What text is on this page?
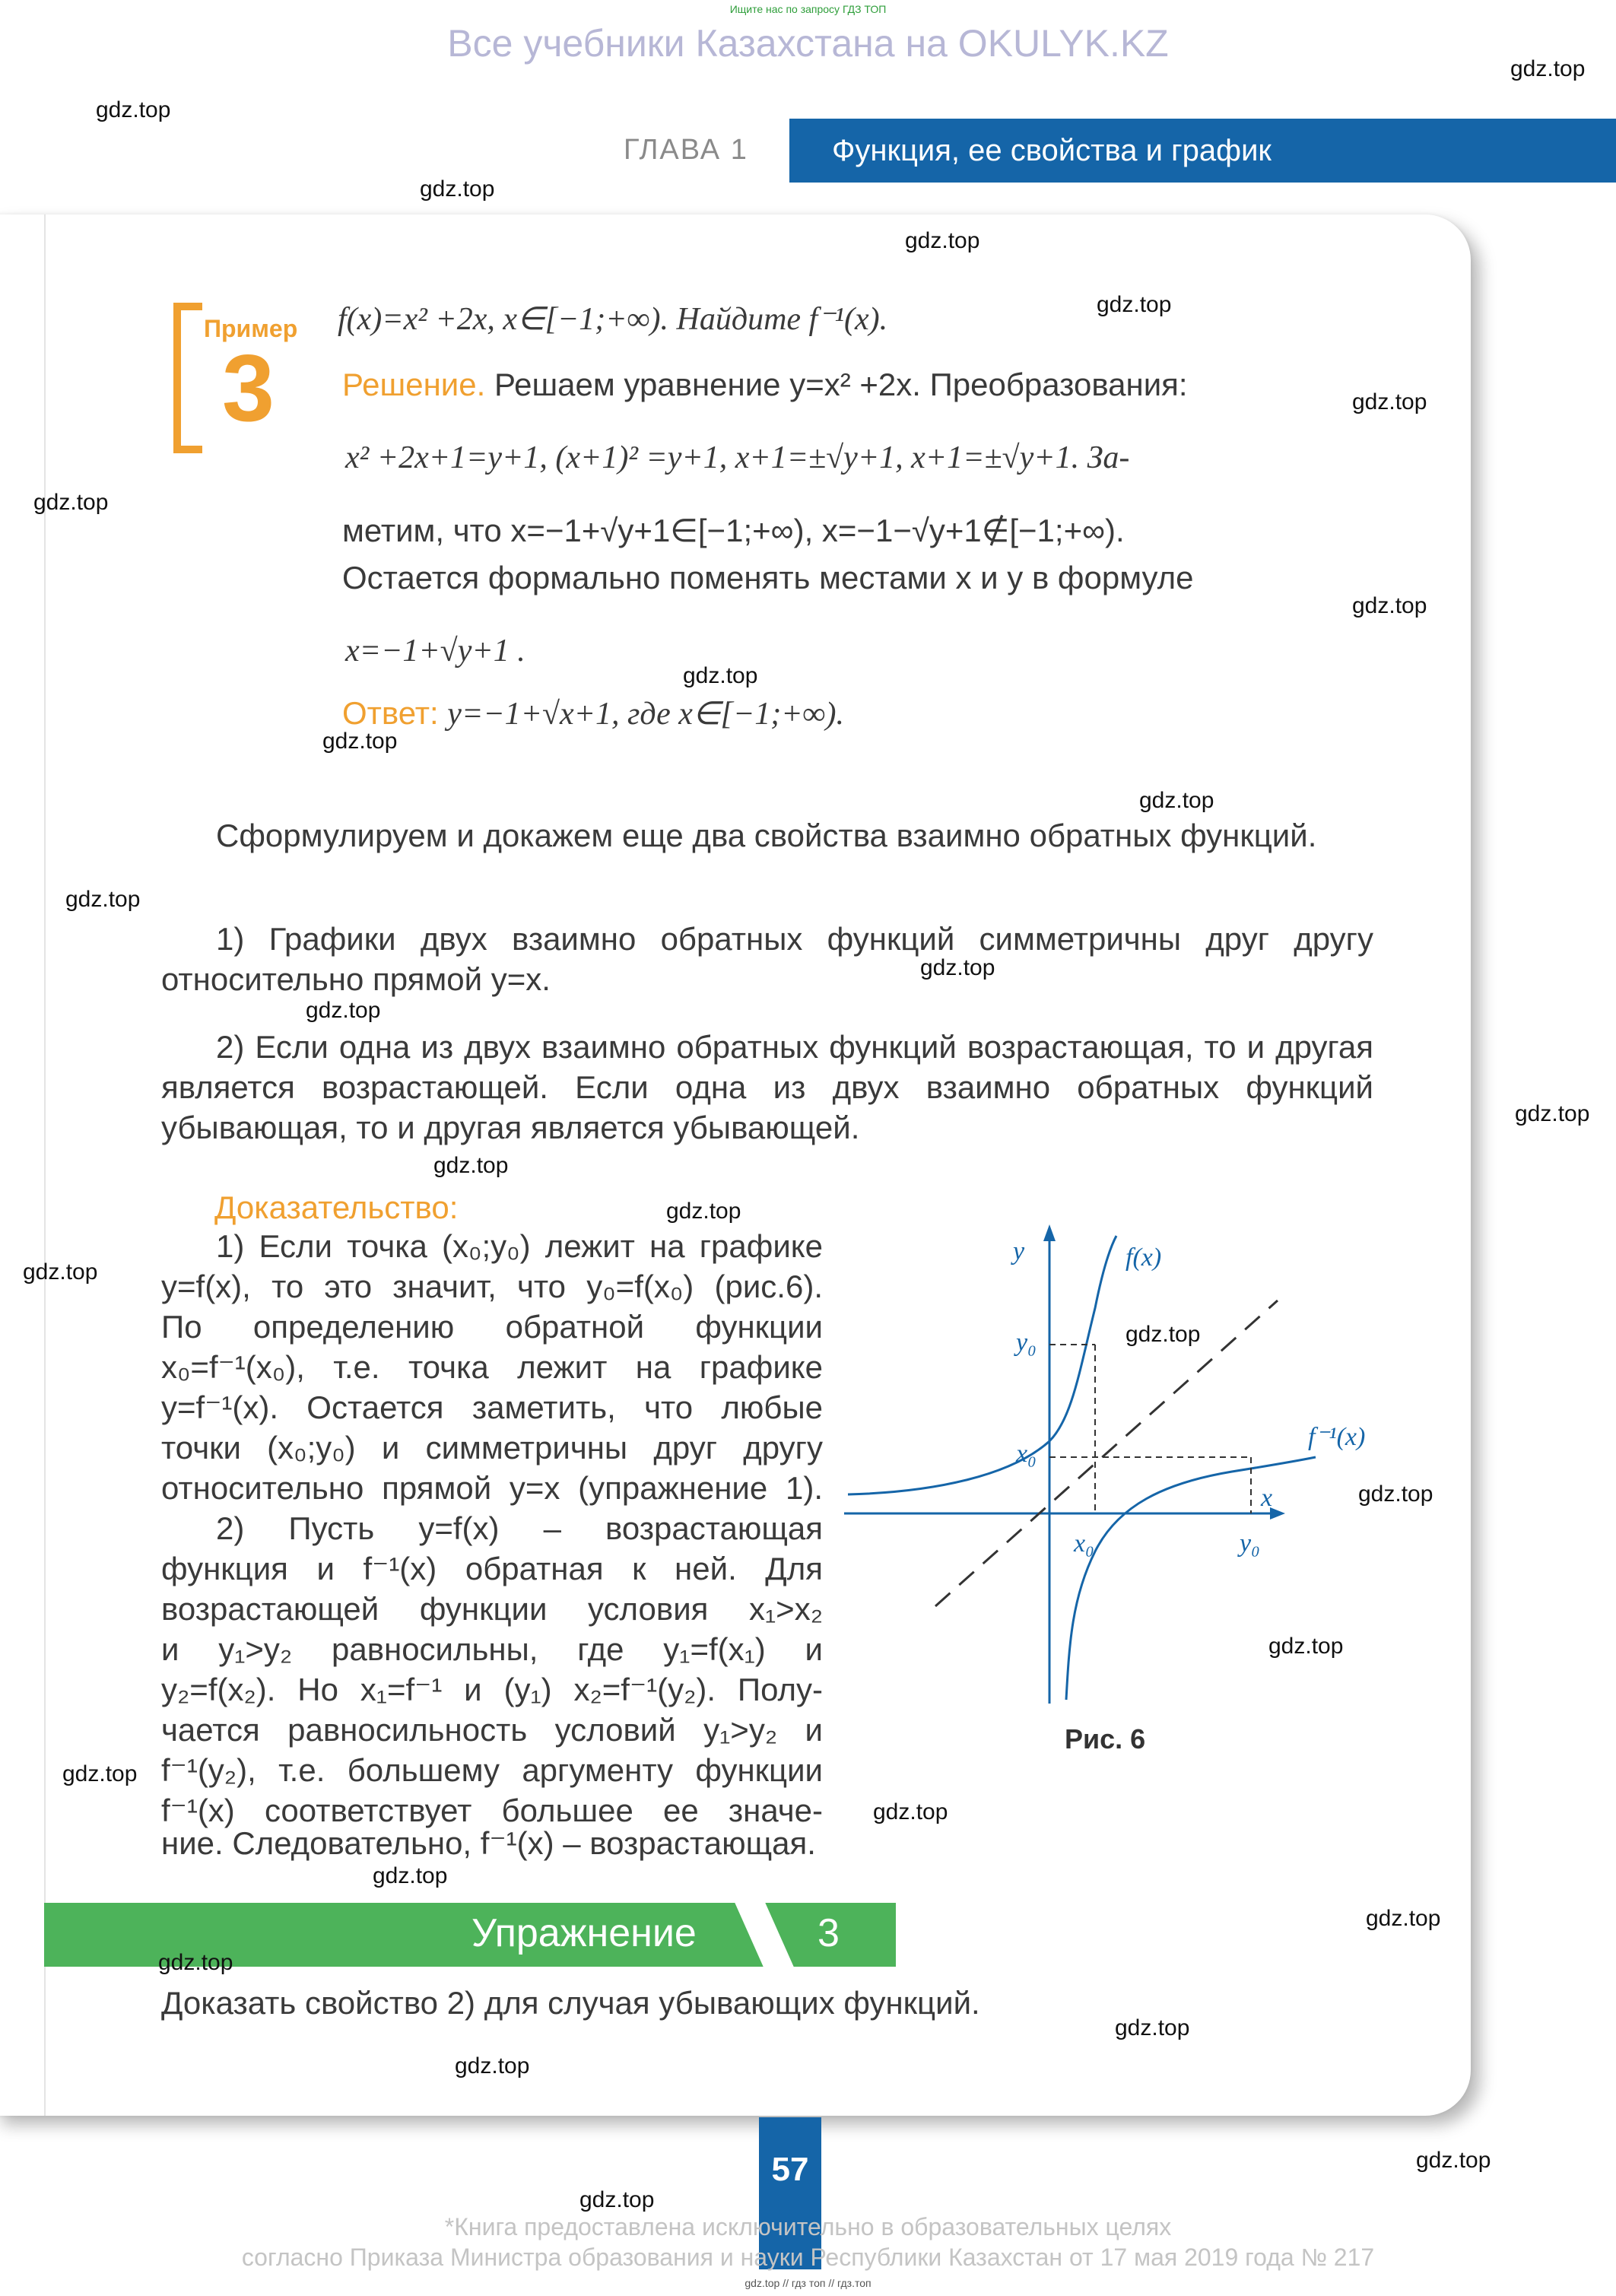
Ищите нас по запросу ГДЗ ТОП
Все учебники Казахстана на OKULYK.KZ
ГЛАВА 1	Функция, ее свойства и график
Пример
3
f(x)=x² +2x, x∈[−1;+∞). Найдите f⁻¹(x).
Решение. Решаем уравнение y=x² +2x. Преобразования:
x² +2x+1=y+1, (x+1)² =y+1, x+1=±√y+1, x+1=±√y+1. За-
метим, что x=−1+√y+1∈[−1;+∞), x=−1−√y+1∉[−1;+∞).
Остается формально поменять местами x и y в формуле
x=−1+√y+1 .
Ответ: y=−1+√x+1, где x∈[−1;+∞).
Сформулируем и докажем еще два свойства взаимно обратных функций.
1) Графики двух взаимно обратных функций симметричны друг другу относительно прямой y=x.
2) Если одна из двух взаимно обратных функций возрастающая, то и другая является возрастающей. Если одна из двух взаимно обратных функций убывающая, то и другая является убывающей.
Доказательство:
1) Если точка (x₀;y₀) лежит на графике
y=f(x), то это значит, что y₀=f(x₀) (рис.6).
По определению обратной функции
x₀=f⁻¹(x₀), т.е. точка лежит на графике
y=f⁻¹(x). Остается заметить, что любые
точки (x₀;y₀) и симметричны друг другу
относительно прямой y=x (упражнение 1).
2) Пусть y=f(x) – возрастающая
функция и f⁻¹(x) обратная к ней. Для
возрастающей функции условия x₁>x₂
и y₁>y₂ равносильны, где y₁=f(x₁) и
y₂=f(x₂). Но x₁=f⁻¹ и (y₁) x₂=f⁻¹(y₂). Полу-
чается равносильность условий y₁>y₂ и
f⁻¹(y₂), т.е. большему аргументу функции
f⁻¹(x) соответствует большее ее значе-
ние. Следовательно, f⁻¹(x) – возрастающая.
y
x
f(x)
f⁻¹(x)
y₀
x₀
x₀	y₀
Рис. 6
Упражнение	3
Доказать свойство 2) для случая убывающих функций.
57
*Книга предоставлена исключительно в образовательных целях
согласно Приказа Министра образования и науки Республики Казахстан от 17 мая 2019 года № 217
gdz.top // гдз топ // гдз.топ
gdz.top
gdz.top
gdz.top
gdz.top
gdz.top
gdz.top
gdz.top
gdz.top
gdz.top
gdz.top
gdz.top
gdz.top
gdz.top
gdz.top
gdz.top
gdz.top
gdz.top
gdz.top
gdz.top
gdz.top
gdz.top
gdz.top
gdz.top
gdz.top
gdz.top
gdz.top
gdz.top
gdz.top
gdz.top
gdz.top
